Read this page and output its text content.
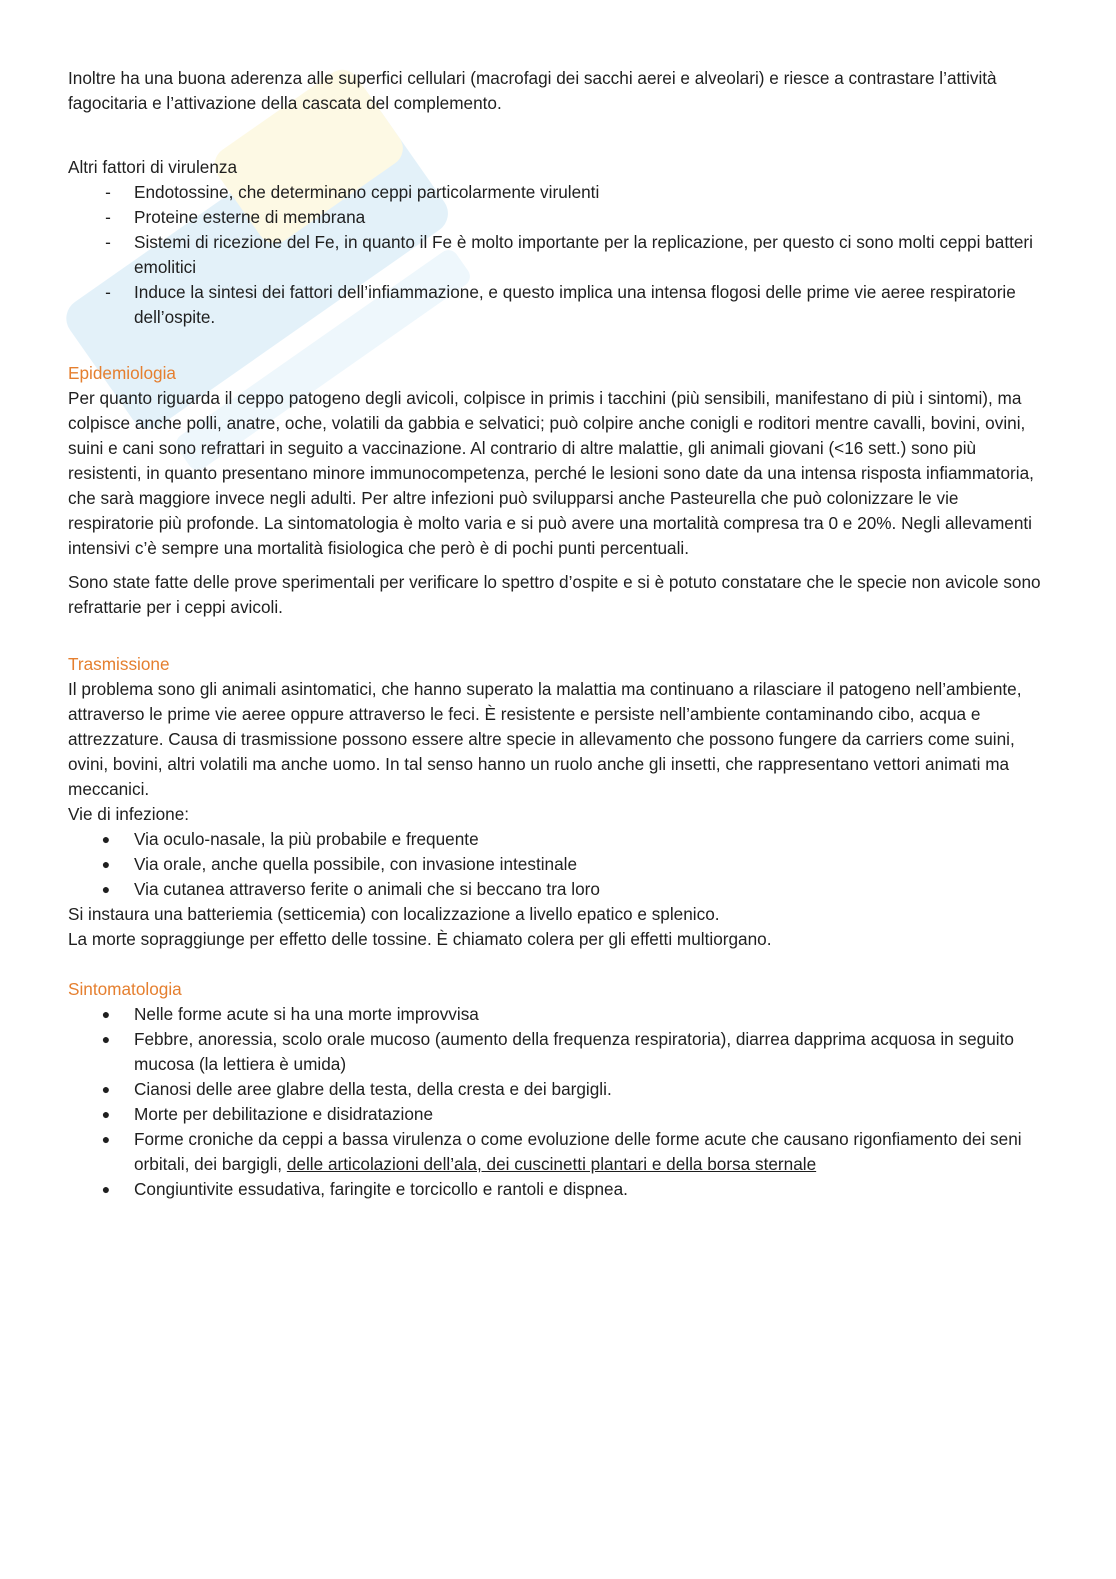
Inoltre ha una buona aderenza alle superfici cellulari (macrofagi dei sacchi aerei e alveolari) e riesce a contrastare l’attività fagocitaria e l’attivazione della cascata del complemento.

Altri fattori di virulenza

- Endotossine, che determinano ceppi particolarmente virulenti
- Proteine esterne di membrana
- Sistemi di ricezione del Fe, in quanto il Fe è molto importante per la replicazione, per questo ci sono molti ceppi batteri emolitici
- Induce la sintesi dei fattori dell’infiammazione, e questo implica una intensa flogosi delle prime vie aeree respiratorie dell’ospite.

Epidemiologia

Per quanto riguarda il ceppo patogeno degli avicoli, colpisce in primis i tacchini (più sensibili, manifestano di più i sintomi), ma colpisce anche polli, anatre, oche, volatili da gabbia e selvatici; può colpire anche conigli e roditori mentre cavalli, bovini, ovini, suini e cani sono refrattari in seguito a vaccinazione. Al contrario di altre malattie, gli animali giovani (<16 sett.) sono più resistenti, in quanto presentano minore immunocompetenza, perché le lesioni sono date da una intensa risposta infiammatoria, che sarà maggiore invece negli adulti. Per altre infezioni può svilupparsi anche Pasteurella che può colonizzare le vie respiratorie più profonde. La sintomatologia è molto varia e si può avere una mortalità compresa tra 0 e 20%. Negli allevamenti intensivi c’è sempre una mortalità fisiologica che però è di pochi punti percentuali.

Sono state fatte delle prove sperimentali per verificare lo spettro d’ospite e si è potuto constatare che le specie non avicole sono refrattarie per i ceppi avicoli.

Trasmissione

Il problema sono gli animali asintomatici, che hanno superato la malattia ma continuano a rilasciare il patogeno nell’ambiente, attraverso le prime vie aeree oppure attraverso le feci. È resistente e persiste nell’ambiente contaminando cibo, acqua e attrezzature. Causa di trasmissione possono essere altre specie in allevamento che possono fungere da carriers come suini, ovini, bovini, altri volatili ma anche uomo. In tal senso hanno un ruolo anche gli insetti, che rappresentano vettori animati ma meccanici.

Vie di infezione:

● Via oculo-nasale, la più probabile e frequente
● Via orale, anche quella possibile, con invasione intestinale
● Via cutanea attraverso ferite o animali che si beccano tra loro

Si instaura una batteriemia (setticemia) con localizzazione a livello epatico e splenico.

La morte sopraggiunge per effetto delle tossine. È chiamato colera per gli effetti multiorgano.

Sintomatologia

● Nelle forme acute si ha una morte improvvisa
● Febbre, anoressia, scolo orale mucoso (aumento della frequenza respiratoria), diarrea dapprima acquosa in seguito mucosa (la lettiera è umida)
● Cianosi delle aree glabre della testa, della cresta e dei bargigli.
● Morte per debilitazione e disidratazione
● Forme croniche da ceppi a bassa virulenza o come evoluzione delle forme acute che causano rigonfiamento dei seni orbitali, dei bargigli, delle articolazioni dell’ala, dei cuscinetti plantari e della borsa sternale
● Congiuntivite essudativa, faringite e torcicollo e rantoli e dispnea.
